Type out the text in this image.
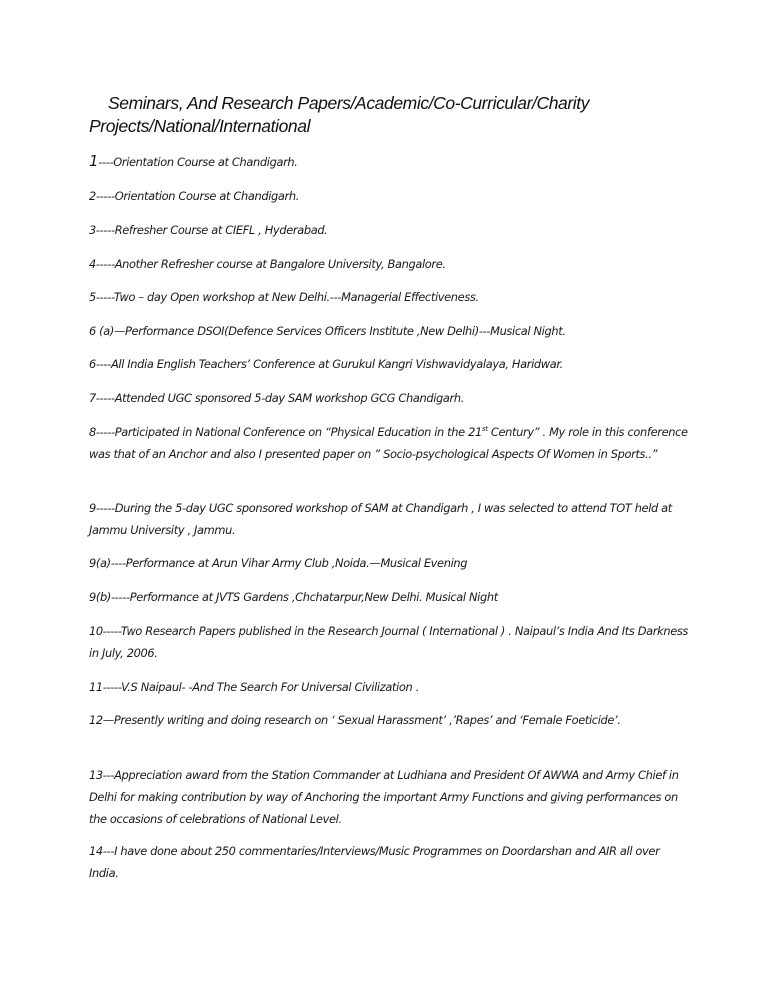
Seminars, And Research Papers/Academic/Co-Curricular/Charity
Projects/National/International

1----Orientation Course at Chandigarh.

2-----Orientation Course at Chandigarh.

3-----Refresher Course at CIEFL , Hyderabad.

4-----Another Refresher course at Bangalore University, Bangalore.

5-----Two – day Open workshop at New Delhi.---Managerial Effectiveness.

6 (a)—Performance DSOI(Defence Services Officers Institute ,New Delhi)---Musical Night.

6----All India English Teachers’ Conference at Gurukul Kangri Vishwavidyalaya, Haridwar.

7-----Attended UGC sponsored 5-day SAM workshop GCG Chandigarh.

8-----Participated in National Conference on “Physical Education in the 21st Century” . My role in this conference was that of an Anchor and also I presented paper on ” Socio-psychological Aspects Of Women in Sports..”

9-----During the 5-day UGC sponsored workshop of SAM at Chandigarh , I was selected to attend TOT held at Jammu University , Jammu.

9(a)----Performance at Arun Vihar Army Club ,Noida.—Musical Evening

9(b)-----Performance at JVTS Gardens ,Chchatarpur,New Delhi. Musical Night

10-----Two Research Papers published in the Research Journal ( International ) . Naipaul’s India And Its Darkness in July, 2006.

11-----V.S Naipaul- -And The Search For Universal Civilization .

12—Presently writing and doing research on ‘ Sexual Harassment’ ,’Rapes’ and ‘Female Foeticide’.

13---Appreciation award from the Station Commander at Ludhiana and President Of AWWA and Army Chief in Delhi for making contribution by way of Anchoring the important Army Functions and giving performances on the occasions of celebrations of National Level.

14---I have done about 250 commentaries/Interviews/Music Programmes on Doordarshan and AIR all over India.
